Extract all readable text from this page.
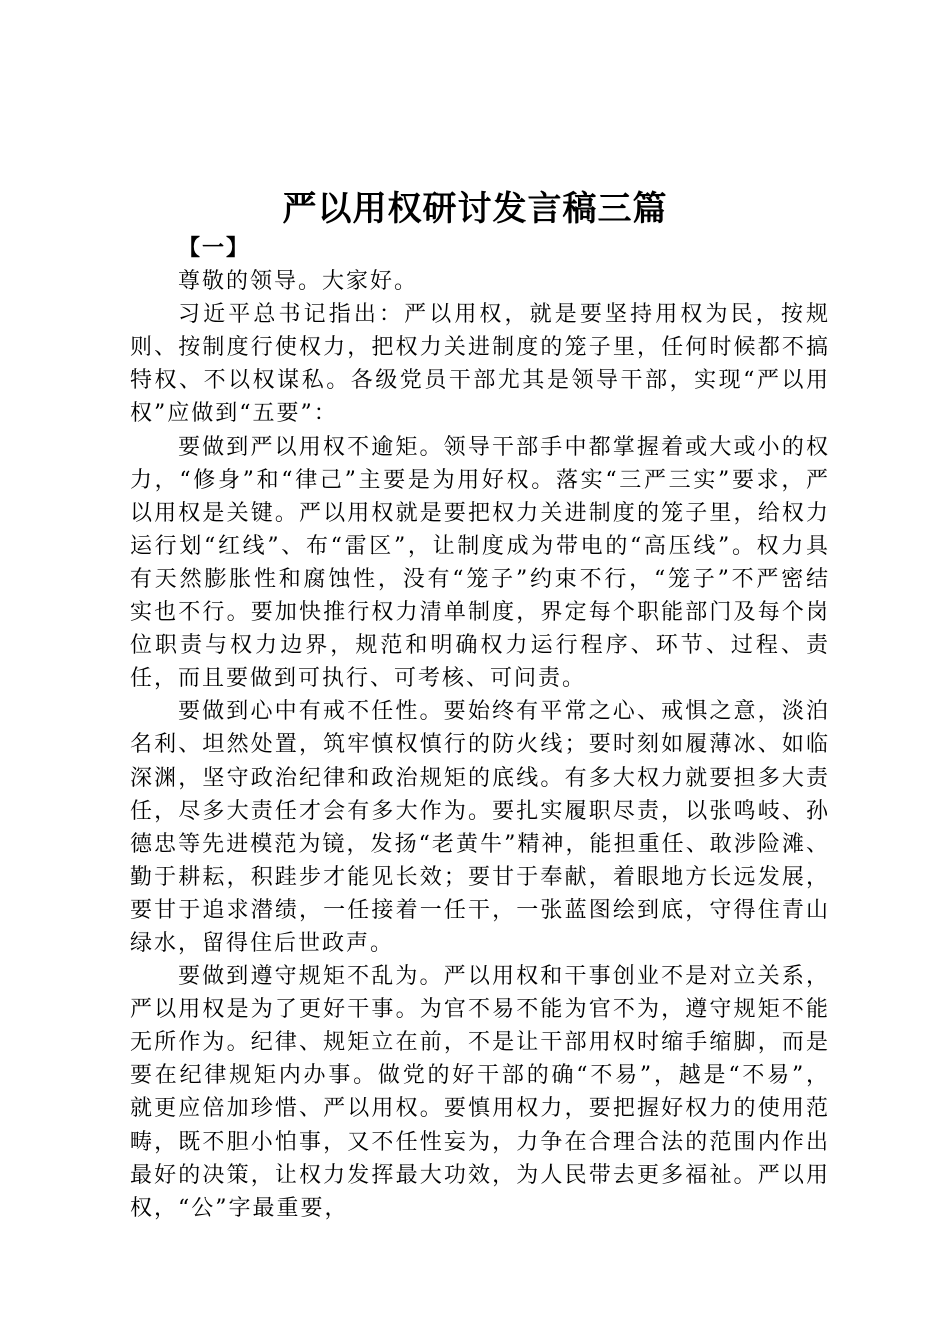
严以用权研讨发言稿三篇

【一】

尊敬的领导。大家好。

习近平总书记指出：严以用权，就是要坚持用权为民，按规则、按制度行使权力，把权力关进制度的笼子里，任何时候都不搞特权、不以权谋私。各级党员干部尤其是领导干部，实现“严以用权”应做到“五要”：

要做到严以用权不逾矩。领导干部手中都掌握着或大或小的权力，“修身”和“律己”主要是为用好权。落实“三严三实”要求，严以用权是关键。严以用权就是要把权力关进制度的笼子里，给权力运行划“红线”、布“雷区”，让制度成为带电的“高压线”。权力具有天然膨胀性和腐蚀性，没有“笼子”约束不行，“笼子”不严密结实也不行。要加快推行权力清单制度，界定每个职能部门及每个岗位职责与权力边界，规范和明确权力运行程序、环节、过程、责任，而且要做到可执行、可考核、可问责。

要做到心中有戒不任性。要始终有平常之心、戒惧之意，淡泊名利、坦然处置，筑牢慎权慎行的防火线；要时刻如履薄冰、如临深渊，坚守政治纪律和政治规矩的底线。有多大权力就要担多大责任，尽多大责任才会有多大作为。要扎实履职尽责，以张鸣岐、孙德忠等先进模范为镜，发扬“老黄牛”精神，能担重任、敢涉险滩、勤于耕耘，积跬步才能见长效；要甘于奉献，着眼地方长远发展，要甘于追求潜绩，一任接着一任干，一张蓝图绘到底，守得住青山绿水，留得住后世政声。

要做到遵守规矩不乱为。严以用权和干事创业不是对立关系，严以用权是为了更好干事。为官不易不能为官不为，遵守规矩不能无所作为。纪律、规矩立在前，不是让干部用权时缩手缩脚，而是要在纪律规矩内办事。做党的好干部的确“不易”，越是“不易”，就更应倍加珍惜、严以用权。要慎用权力，要把握好权力的使用范畴，既不胆小怕事，又不任性妄为，力争在合理合法的范围内作出最好的决策，让权力发挥最大功效，为人民带去更多福祉。严以用权，“公”字最重要，
